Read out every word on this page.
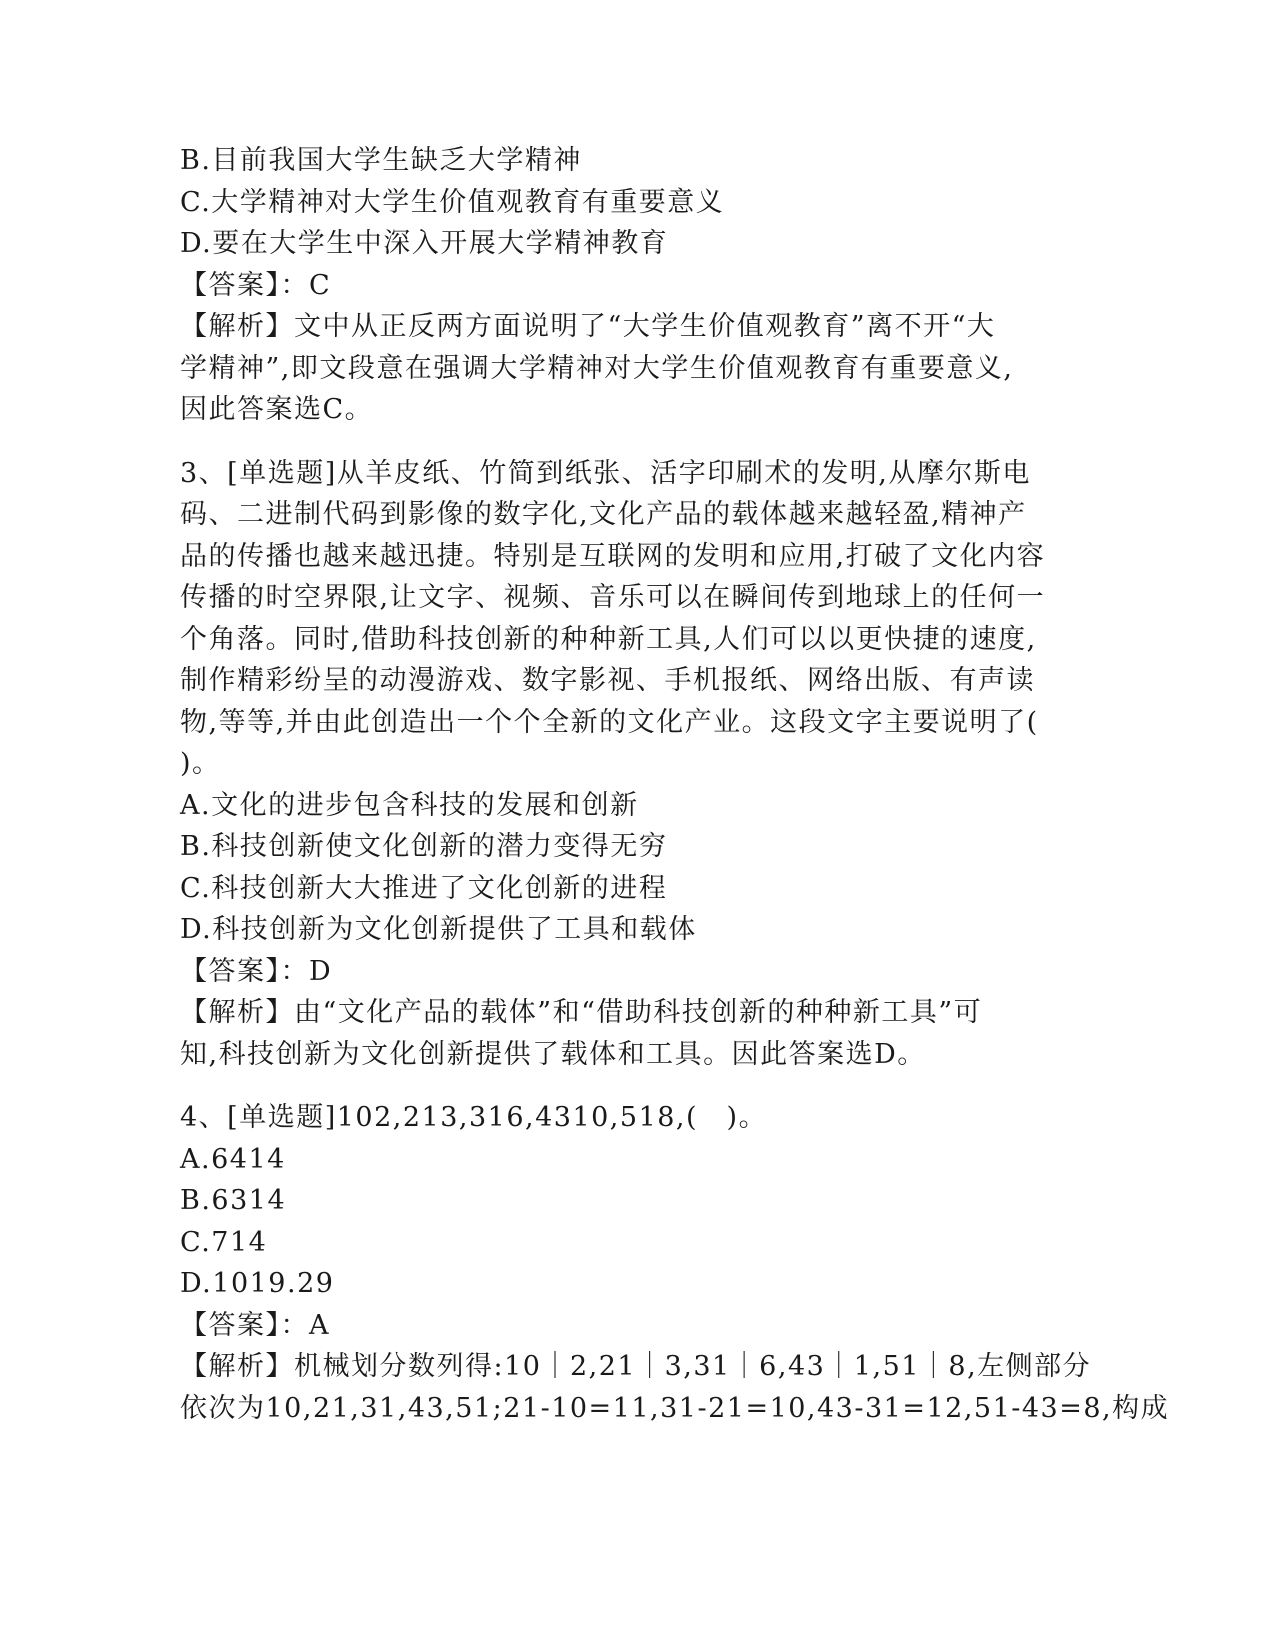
B.目前我国大学生缺乏大学精神
C.大学精神对大学生价值观教育有重要意义
D.要在大学生中深入开展大学精神教育
【答案】：C
【解析】文中从正反两方面说明了“大学生价值观教育”离不开“大
学精神”,即文段意在强调大学精神对大学生价值观教育有重要意义,
因此答案选C。
3、[单选题]从羊皮纸、竹简到纸张、活字印刷术的发明,从摩尔斯电
码、二进制代码到影像的数字化,文化产品的载体越来越轻盈,精神产
品的传播也越来越迅捷。特别是互联网的发明和应用,打破了文化内容
传播的时空界限,让文字、视频、音乐可以在瞬间传到地球上的任何一
个角落。同时,借助科技创新的种种新工具,人们可以以更快捷的速度,
制作精彩纷呈的动漫游戏、数字影视、手机报纸、网络出版、有声读
物,等等,并由此创造出一个个全新的文化产业。这段文字主要说明了(
)。
A.文化的进步包含科技的发展和创新
B.科技创新使文化创新的潜力变得无穷
C.科技创新大大推进了文化创新的进程
D.科技创新为文化创新提供了工具和载体
【答案】：D
【解析】由“文化产品的载体”和“借助科技创新的种种新工具”可
知,科技创新为文化创新提供了载体和工具。因此答案选D。
4、[单选题]102,213,316,4310,518,(　)。
A.6414
B.6314
C.714
D.1019.29
【答案】：A
【解析】机械划分数列得:10｜2,21｜3,31｜6,43｜1,51｜8,左侧部分
依次为10,21,31,43,51;21-10=11,31-21=10,43-31=12,51-43=8,构成
